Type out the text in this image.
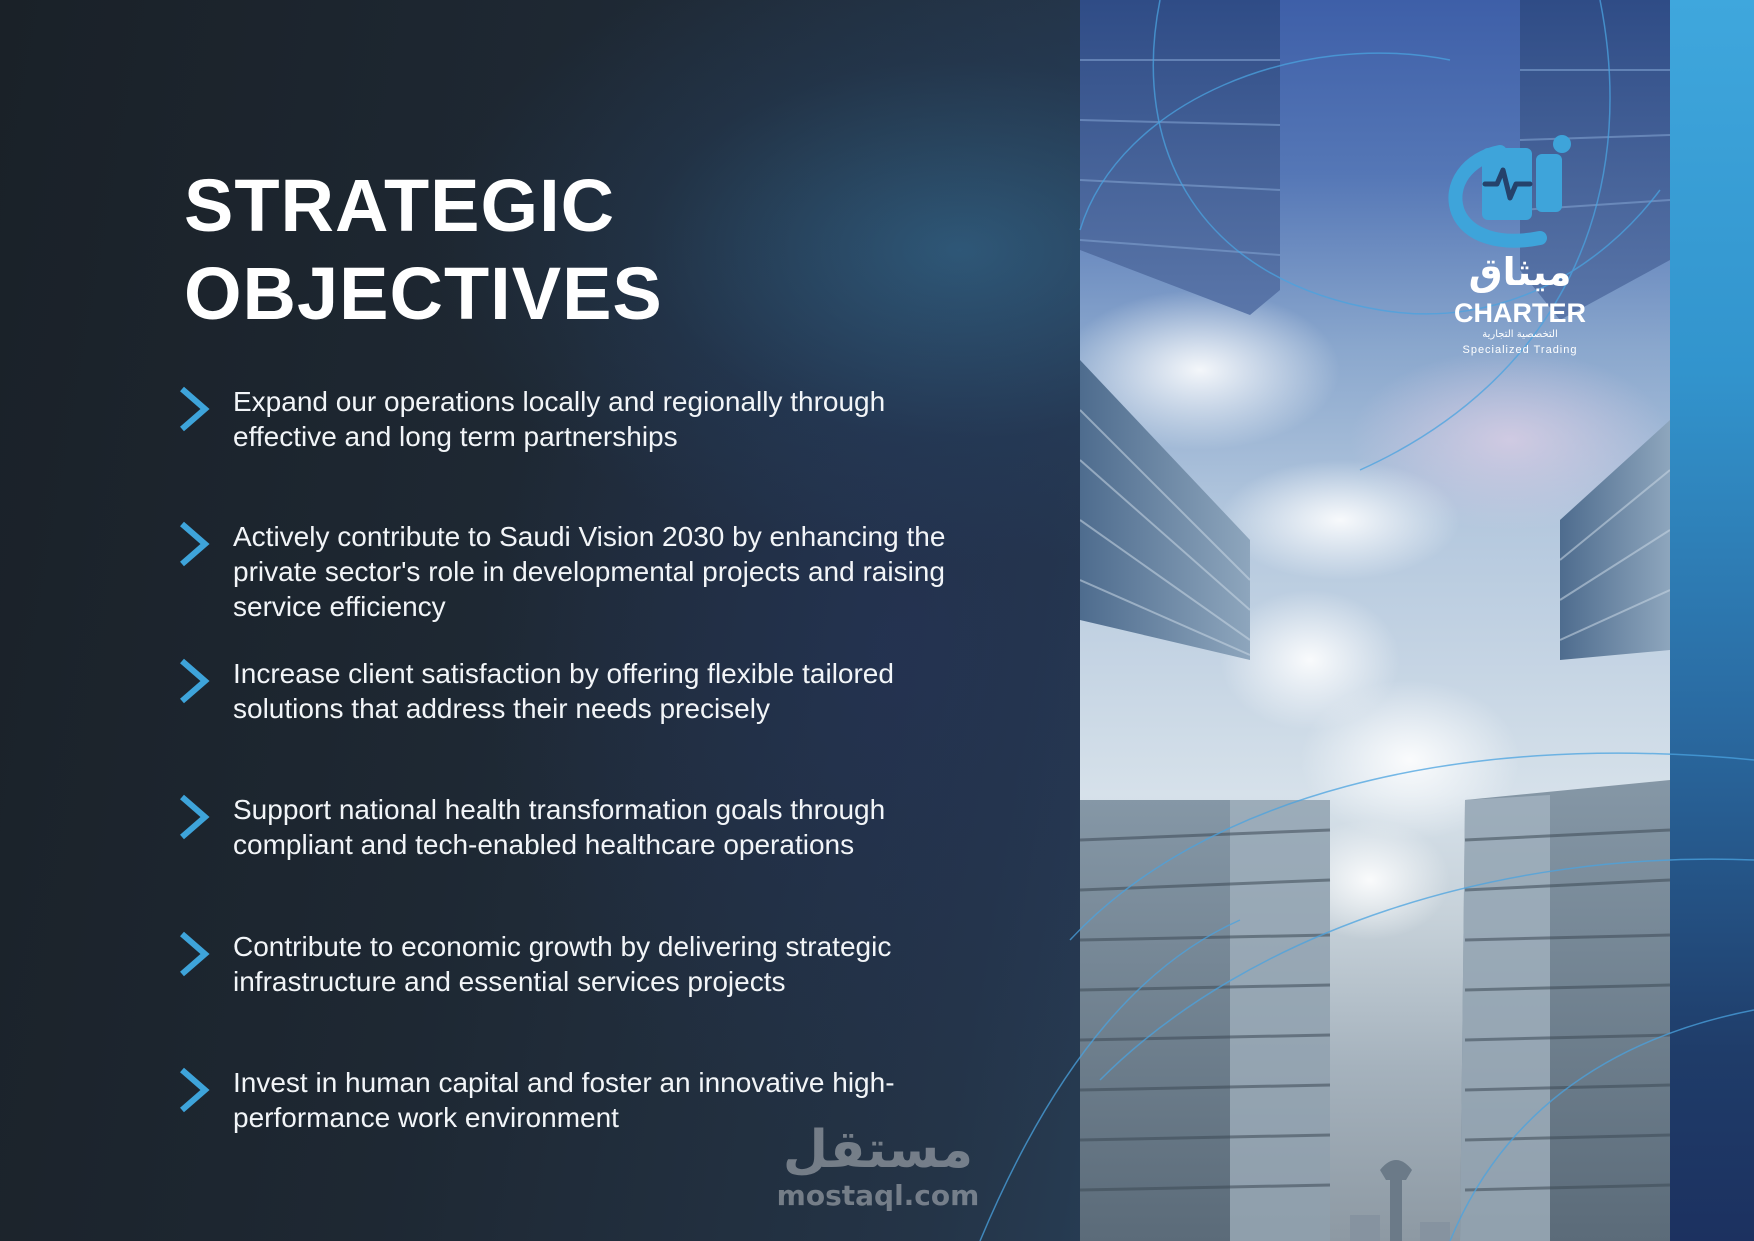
STRATEGIC
OBJECTIVES

Expand our operations locally and regionally through effective and long term partnerships

Actively contribute to Saudi Vision 2030 by enhancing the private sector's role in developmental projects and raising service efficiency

Increase client satisfaction by offering flexible tailored solutions that address their needs precisely

Support national health transformation goals through compliant and tech-enabled healthcare operations

Contribute to economic growth by delivering strategic infrastructure and essential services projects

Invest in human capital and foster an innovative high-performance work environment

ميثاق

CHARTER

التخصصية التجارية

Specialized Trading

مستقل

mostaql.com
